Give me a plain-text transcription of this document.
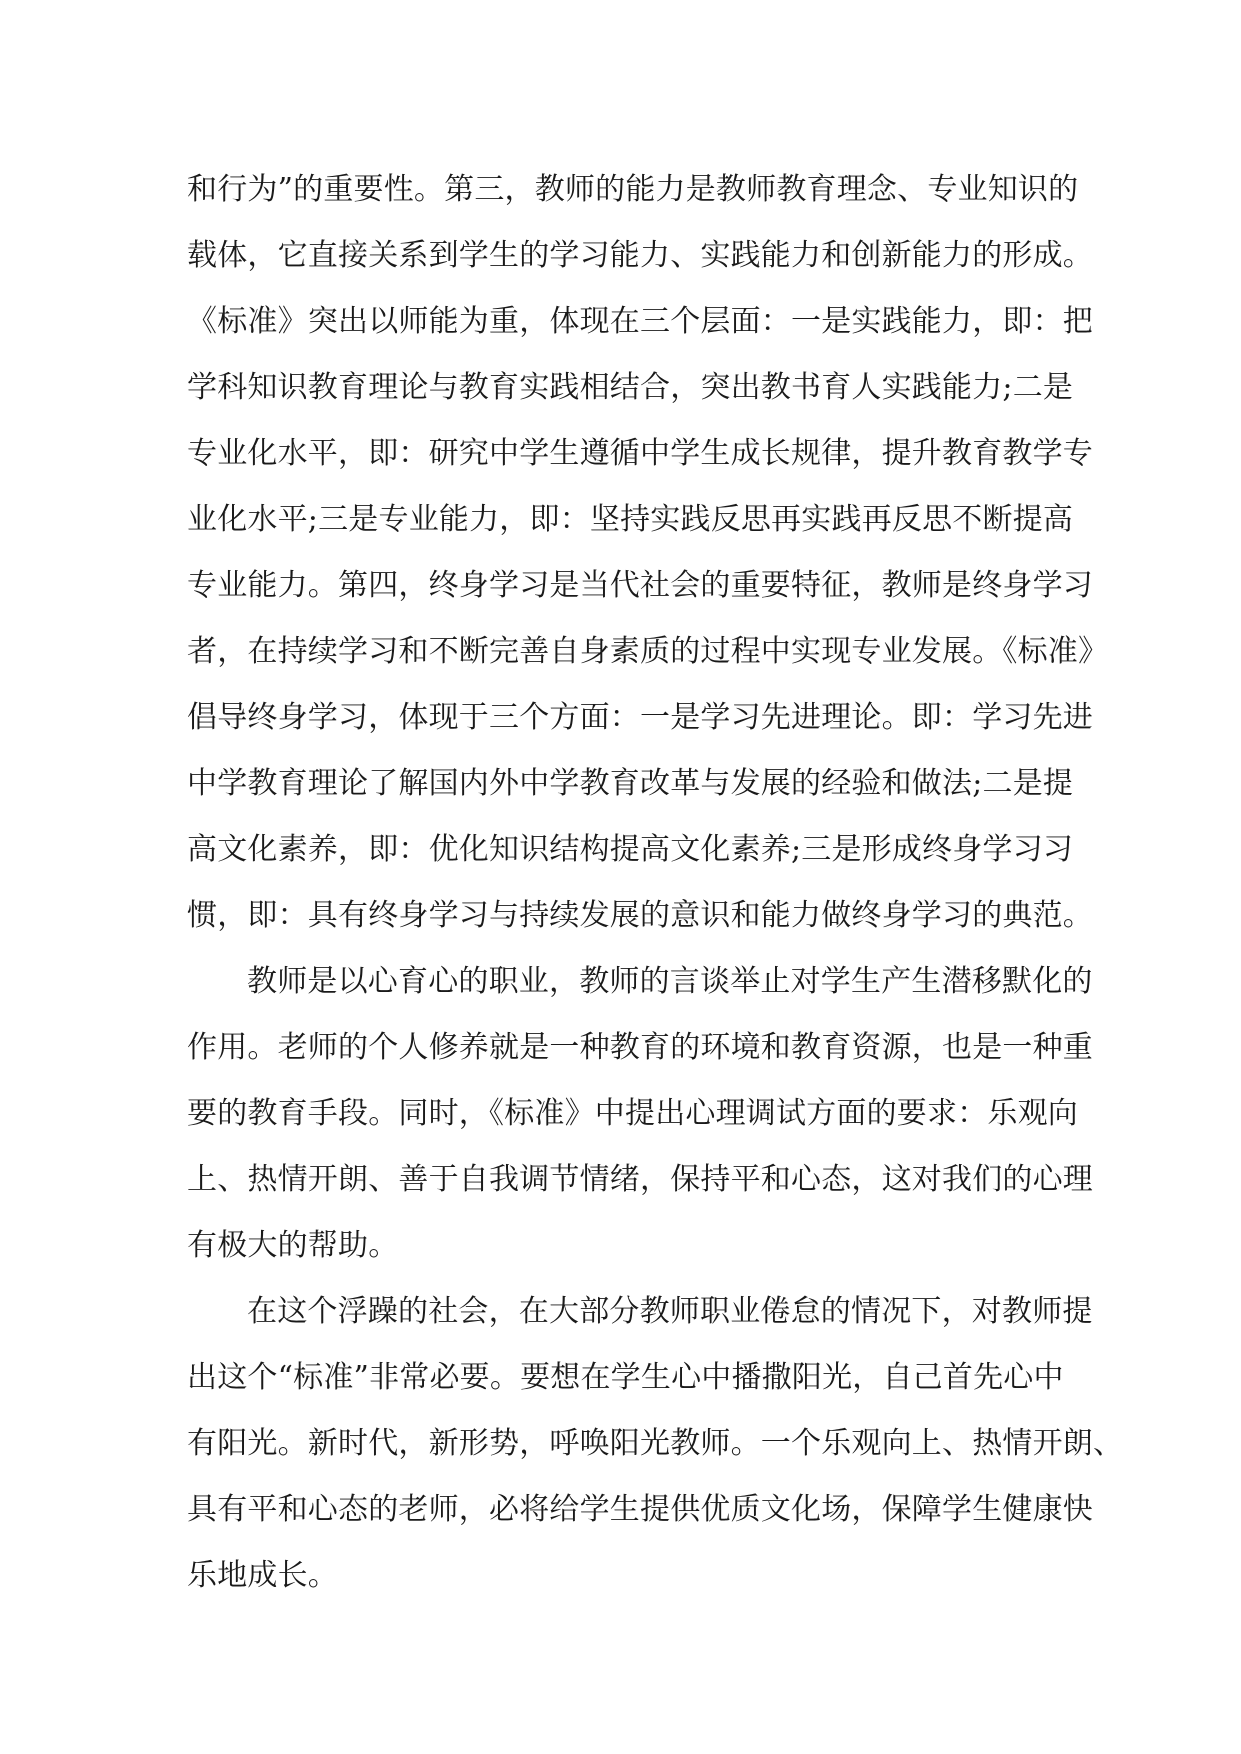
和行为”的重要性。第三，教师的能力是教师教育理念、专业知识的
载体，它直接关系到学生的学习能力、实践能力和创新能力的形成。
《标准》突出以师能为重，体现在三个层面：一是实践能力，即：把
学科知识教育理论与教育实践相结合，突出教书育人实践能力;二是
专业化水平，即：研究中学生遵循中学生成长规律，提升教育教学专
业化水平;三是专业能力，即：坚持实践反思再实践再反思不断提高
专业能力。第四，终身学习是当代社会的重要特征，教师是终身学习
者，在持续学习和不断完善自身素质的过程中实现专业发展。《标准》
倡导终身学习，体现于三个方面：一是学习先进理论。即：学习先进
中学教育理论了解国内外中学教育改革与发展的经验和做法;二是提
高文化素养，即：优化知识结构提高文化素养;三是形成终身学习习
惯，即：具有终身学习与持续发展的意识和能力做终身学习的典范。
教师是以心育心的职业，教师的言谈举止对学生产生潜移默化的
作用。老师的个人修养就是一种教育的环境和教育资源，也是一种重
要的教育手段。同时，《标准》中提出心理调试方面的要求：乐观向
上、热情开朗、善于自我调节情绪，保持平和心态，这对我们的心理
有极大的帮助。
在这个浮躁的社会，在大部分教师职业倦怠的情况下，对教师提
出这个“标准”非常必要。要想在学生心中播撒阳光，自己首先心中
有阳光。新时代，新形势，呼唤阳光教师。一个乐观向上、热情开朗、
具有平和心态的老师，必将给学生提供优质文化场，保障学生健康快
乐地成长。
